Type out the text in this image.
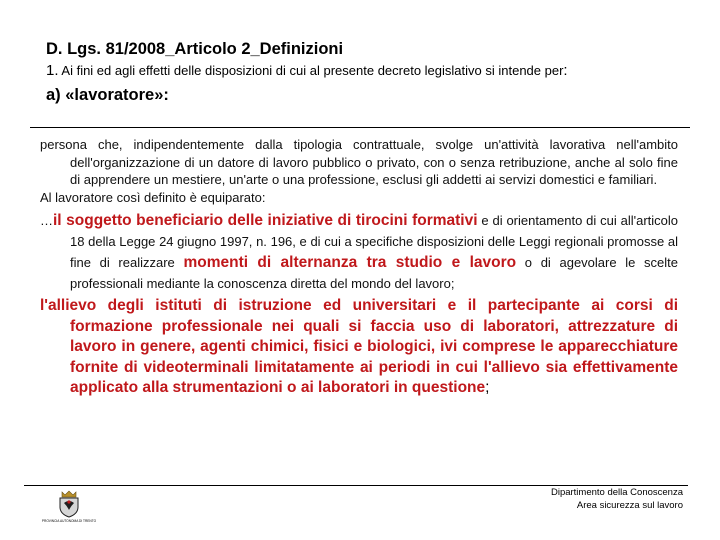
D. Lgs. 81/2008_Articolo 2_Definizioni
1. Ai fini ed agli effetti delle disposizioni di cui al presente decreto legislativo si intende per:
a) «lavoratore»:

persona che, indipendentemente dalla tipologia contrattuale, svolge un'attività lavorativa nell'ambito dell'organizzazione di un datore di lavoro pubblico o privato, con o senza retribuzione, anche al solo fine di apprendere un mestiere, un'arte o una professione, esclusi gli addetti ai servizi domestici e familiari.

Al lavoratore così definito è equiparato:

…il soggetto beneficiario delle iniziative di tirocini formativi e di orientamento di cui all'articolo 18 della Legge 24 giugno 1997, n. 196, e di cui a specifiche disposizioni delle Leggi regionali promosse al fine di realizzare momenti di alternanza tra studio e lavoro o di agevolare le scelte professionali mediante la conoscenza diretta del mondo del lavoro;

l'allievo degli istituti di istruzione ed universitari e il partecipante ai corsi di formazione professionale nei quali si faccia uso di laboratori, attrezzature di lavoro in genere, agenti chimici, fisici e biologici, ivi comprese le apparecchiature fornite di videoterminali limitatamente ai periodi in cui l'allievo sia effettivamente applicato alla strumentazioni o ai laboratori in questione;

PROVINCIA AUTONOMA DI TRENTO
Dipartimento della Conoscenza
Area sicurezza sul lavoro
